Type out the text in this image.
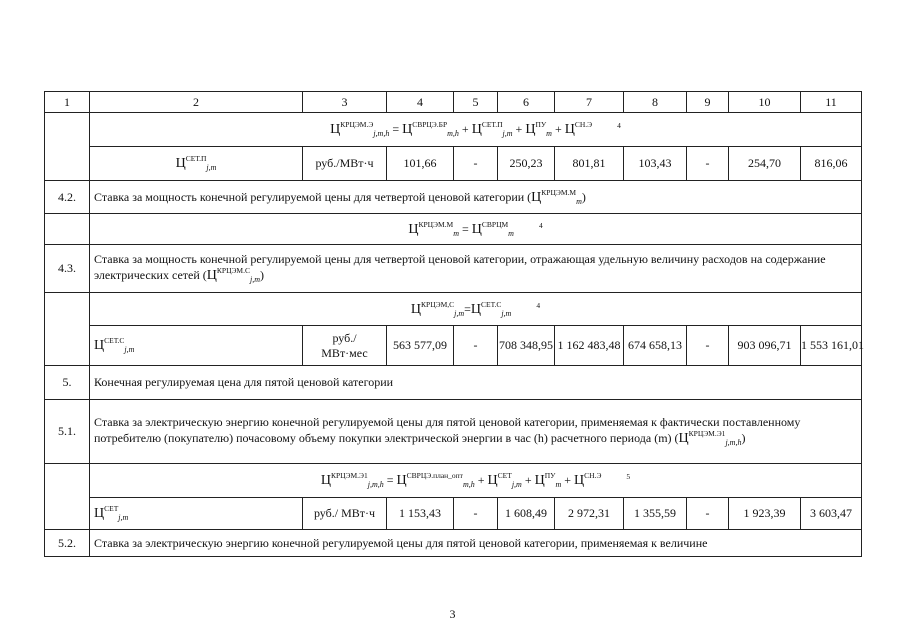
1	2	3	4	5	6	7	8	9	10	11
	$Ц^{КРЦЭМ.Э}_{j,m,h} = Ц^{СВРЦЭ.БР}_{m,h} + Ц^{СЕТ.П}_{j,m} + Ц^{ПУ}_m + Ц^{СН.Э}$ $^4$
	$Ц^{СЕТ.П}_{j,m}$	руб./МВт·ч	101,66	-	250,23	801,81	103,43	-	254,70	816,06
4.2.	Ставка за мощность конечной регулируемой цены для четвертой ценовой категории $(Ц^{КРЦЭМ.М}_m)$									
	$Ц^{КРЦЭМ.М}_m = Ц^{СВРЦМ}_m$ $^4$
4.3.	Ставка за мощность конечной регулируемой цены для четвертой ценовой категории, отражающая удельную величину расходов на содержание электрических сетей $(Ц^{КРЦЭМ.С}_{j,m})$									
	$Ц^{КРЦЭМ,С}_{j,m}=Ц^{СЕТ.С}_{j,m}$ $^4$
	$Ц^{СЕТ.С}_{j,m}$	руб./
МВт·мес	563 577,09	-	708 348,95	1 162 483,48	674 658,13	-	903 096,71	1 553 161,01
5.	Конечная регулируемая цена для пятой ценовой категории									
5.1.	Ставка за электрическую энергию конечной регулируемой цены для пятой ценовой категории, применяемая к фактически поставленному потребителю (покупателю) почасовому объему покупки электрической энергии в час (h) расчетного периода (m) $(Ц^{КРЦЭМ.Э1}_{j,m,h})$									
	$Ц^{КРЦЭМ.Э1}_{j,m,h} = Ц^{СВРЦЭ.план\_опт}_{m,h} + Ц^{СЕТ}_{j,m} + Ц^{ПУ}_m + Ц^{СН.Э}$ $^5$
	$Ц^{СЕТ}_{j,m}$	руб./ МВт·ч	1 153,43	-	1 608,49	2 972,31	1 355,59	-	1 923,39	3 603,47
5.2.	Ставка за электрическую энергию конечной регулируемой цены для пятой ценовой категории, применяемая к величине									
3
